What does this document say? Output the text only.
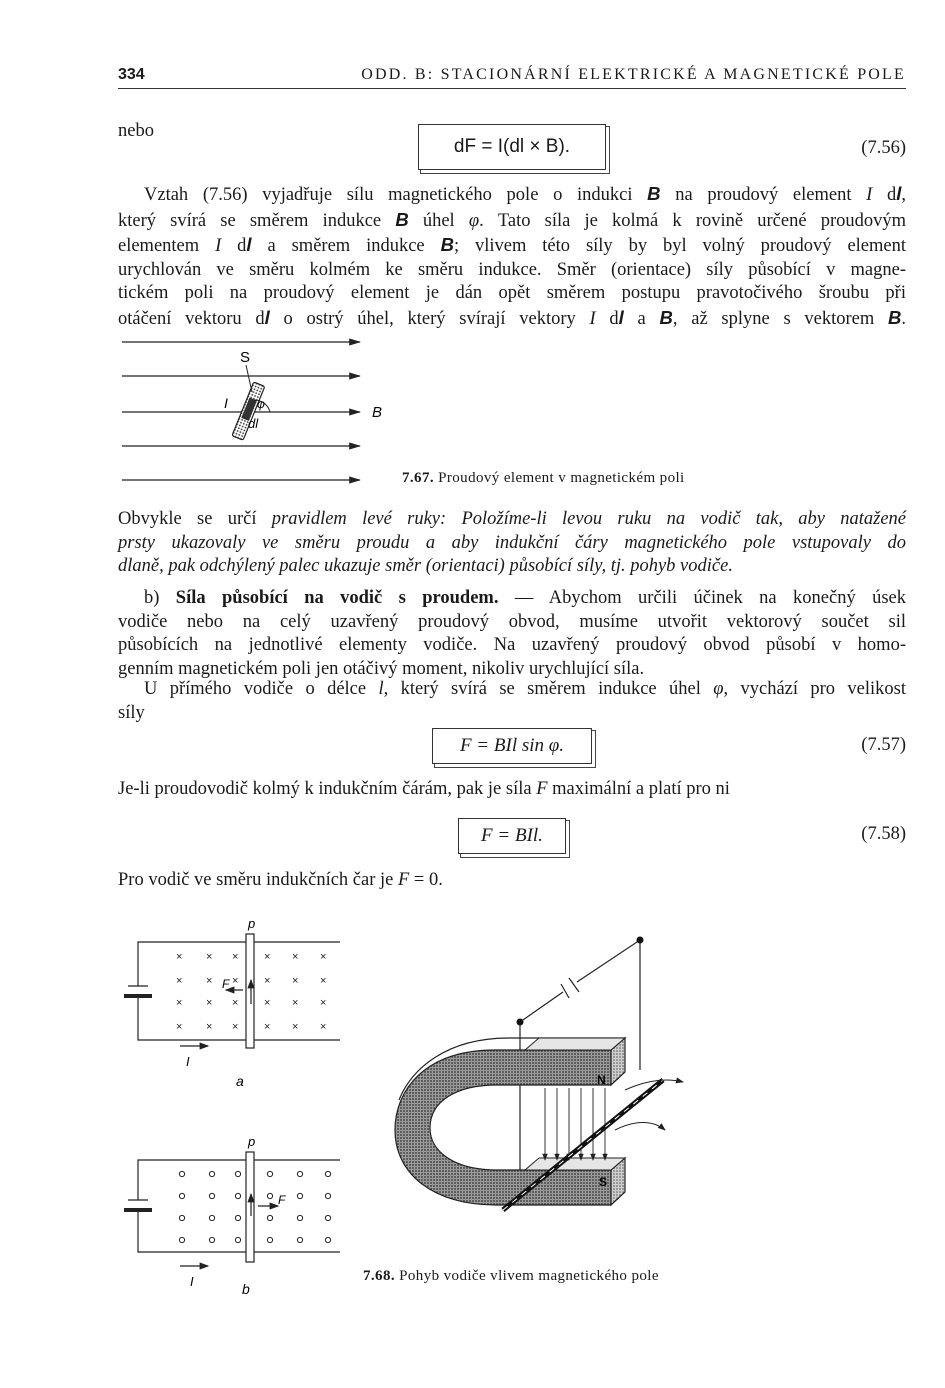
334	ODD. B: STACIONÁRNÍ ELEKTRICKÉ A MAGNETICKÉ POLE
nebo
dF = I(dl × B).	(7.56)
Vztah (7.56) vyjadřuje sílu magnetického pole o indukci B na proudový element I dl,
který svírá se směrem indukce B úhel φ. Tato síla je kolmá k rovině určené proudovým
elementem I dl a směrem indukce B; vlivem této síly by byl volný proudový element
urychlován ve směru kolmém ke směru indukce. Směr (orientace) síly působící v magne-
tickém poli na proudový element je dán opět směrem postupu pravotočivého šroubu při
otáčení vektoru dl o ostrý úhel, který svírají vektory I dl a B, až splyne s vektorem B.
S
I φ
dl
B
7.67. Proudový element v magnetickém poli
Obvykle se určí pravidlem levé ruky: Položíme-li levou ruku na vodič tak, aby natažené
prsty ukazovaly ve směru proudu a aby indukční čáry magnetického pole vstupovaly do
dlaně, pak odchýlený palec ukazuje směr (orientaci) působící síly, tj. pohyb vodiče.
b) Síla působící na vodič s proudem. — Abychom určili účinek na konečný úsek
vodiče nebo na celý uzavřený proudový obvod, musíme utvořit vektorový součet sil
působících na jednotlivé elementy vodiče. Na uzavřený proudový obvod působí v homo-
genním magnetickém poli jen otáčivý moment, nikoliv urychlující síla.
U přímého vodiče o délce l, který svírá se směrem indukce úhel φ, vychází pro velikost
síly
F = BIl sin φ.	(7.57)
Je-li proudovodič kolmý k indukčním čárám, pak je síla F maximální a platí pro ni
F = BIl.	(7.58)
Pro vodič ve směru indukčních čar je F = 0.
× × × × × ×
× × × × × ×
× × × × × ×
× × × × × ×
p
F
I
a
p
F
I	b
N
S
7.68. Pohyb vodiče vlivem magnetického pole
